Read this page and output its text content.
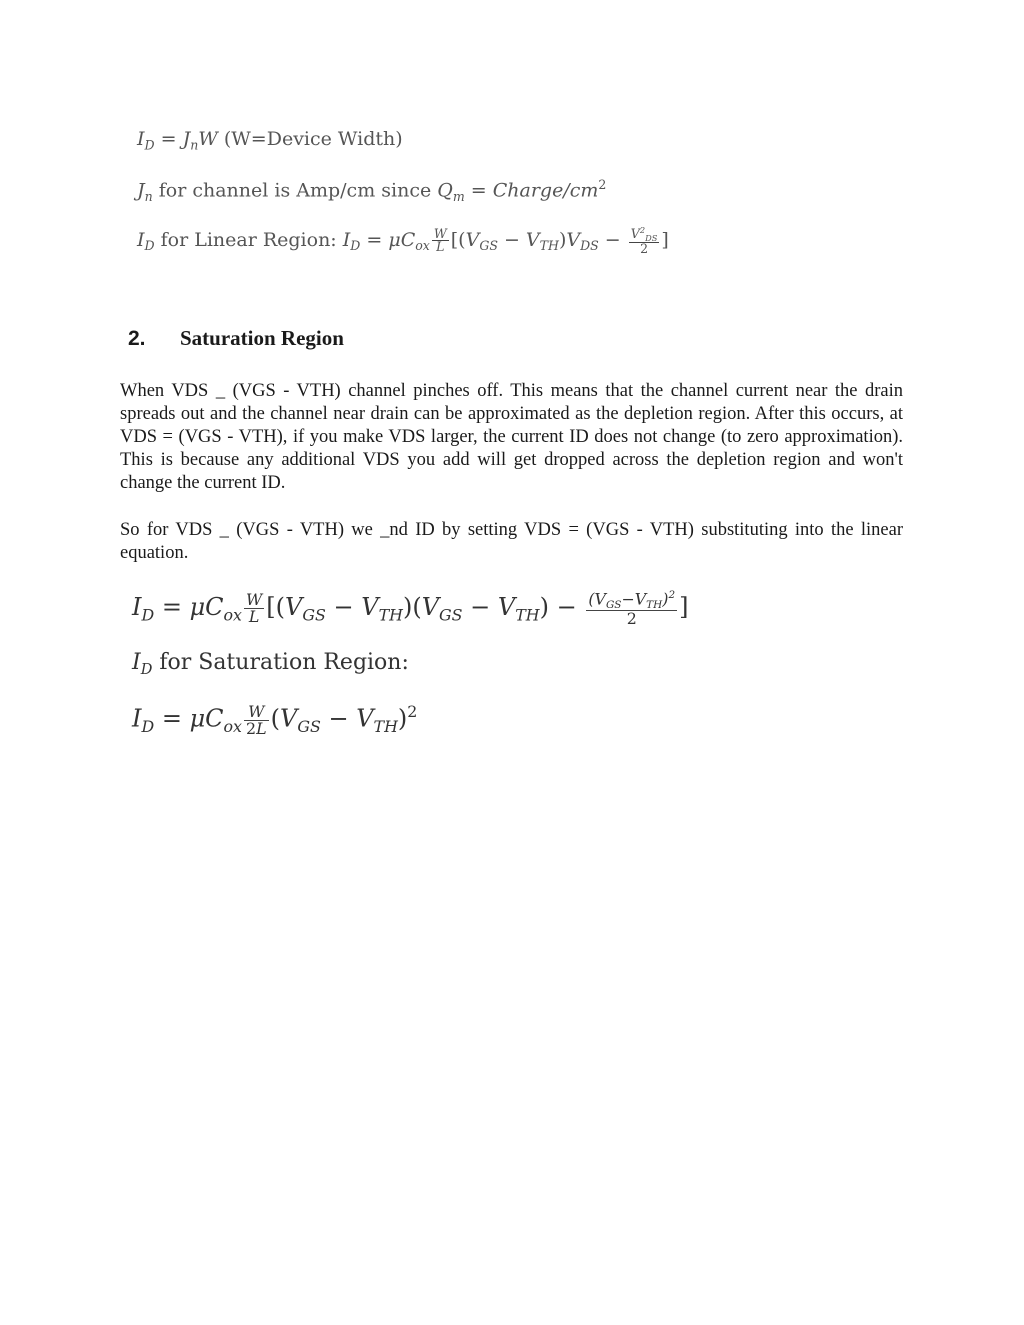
$I_D = J_nW$ (W=Device Width)
$J_n$ for channel is Amp/cm since $Q_m$ = Charge/$cm^2$
$I_D$ for Linear Region: $I_D = \mu C_{ox} \frac{W}{L} [(V_{GS} - V_{TH})V_{DS} - \frac{V^2_{DS}}{2}$ ]
2. Saturation Region

When VDS _ (VGS - VTH) channel pinches off. This means that the channel current near the drain spreads out and the channel near drain can be approximated as the depletion region. After this occurs, at VDS = (VGS - VTH), if you make VDS larger, the current ID does not change (to zero approximation). This is because any additional VDS you add will get dropped across the depletion region and won't change the current ID.

So for VDS _ (VGS - VTH) we _nd ID by setting VDS = (VGS - VTH) substituting into the linear equation.

$I_D = \mu C_{ox} \frac{W}{L} [(V_{GS} - V_{TH})(V_{GS} - V_{TH}) - \frac{(V_{GS}-V_{TH})^2}{2}$ ]
$I_D$ for Saturation Region:
$I_D = \mu C_{ox} \frac{W}{2L} (V_{GS} - V_{TH})^2$
